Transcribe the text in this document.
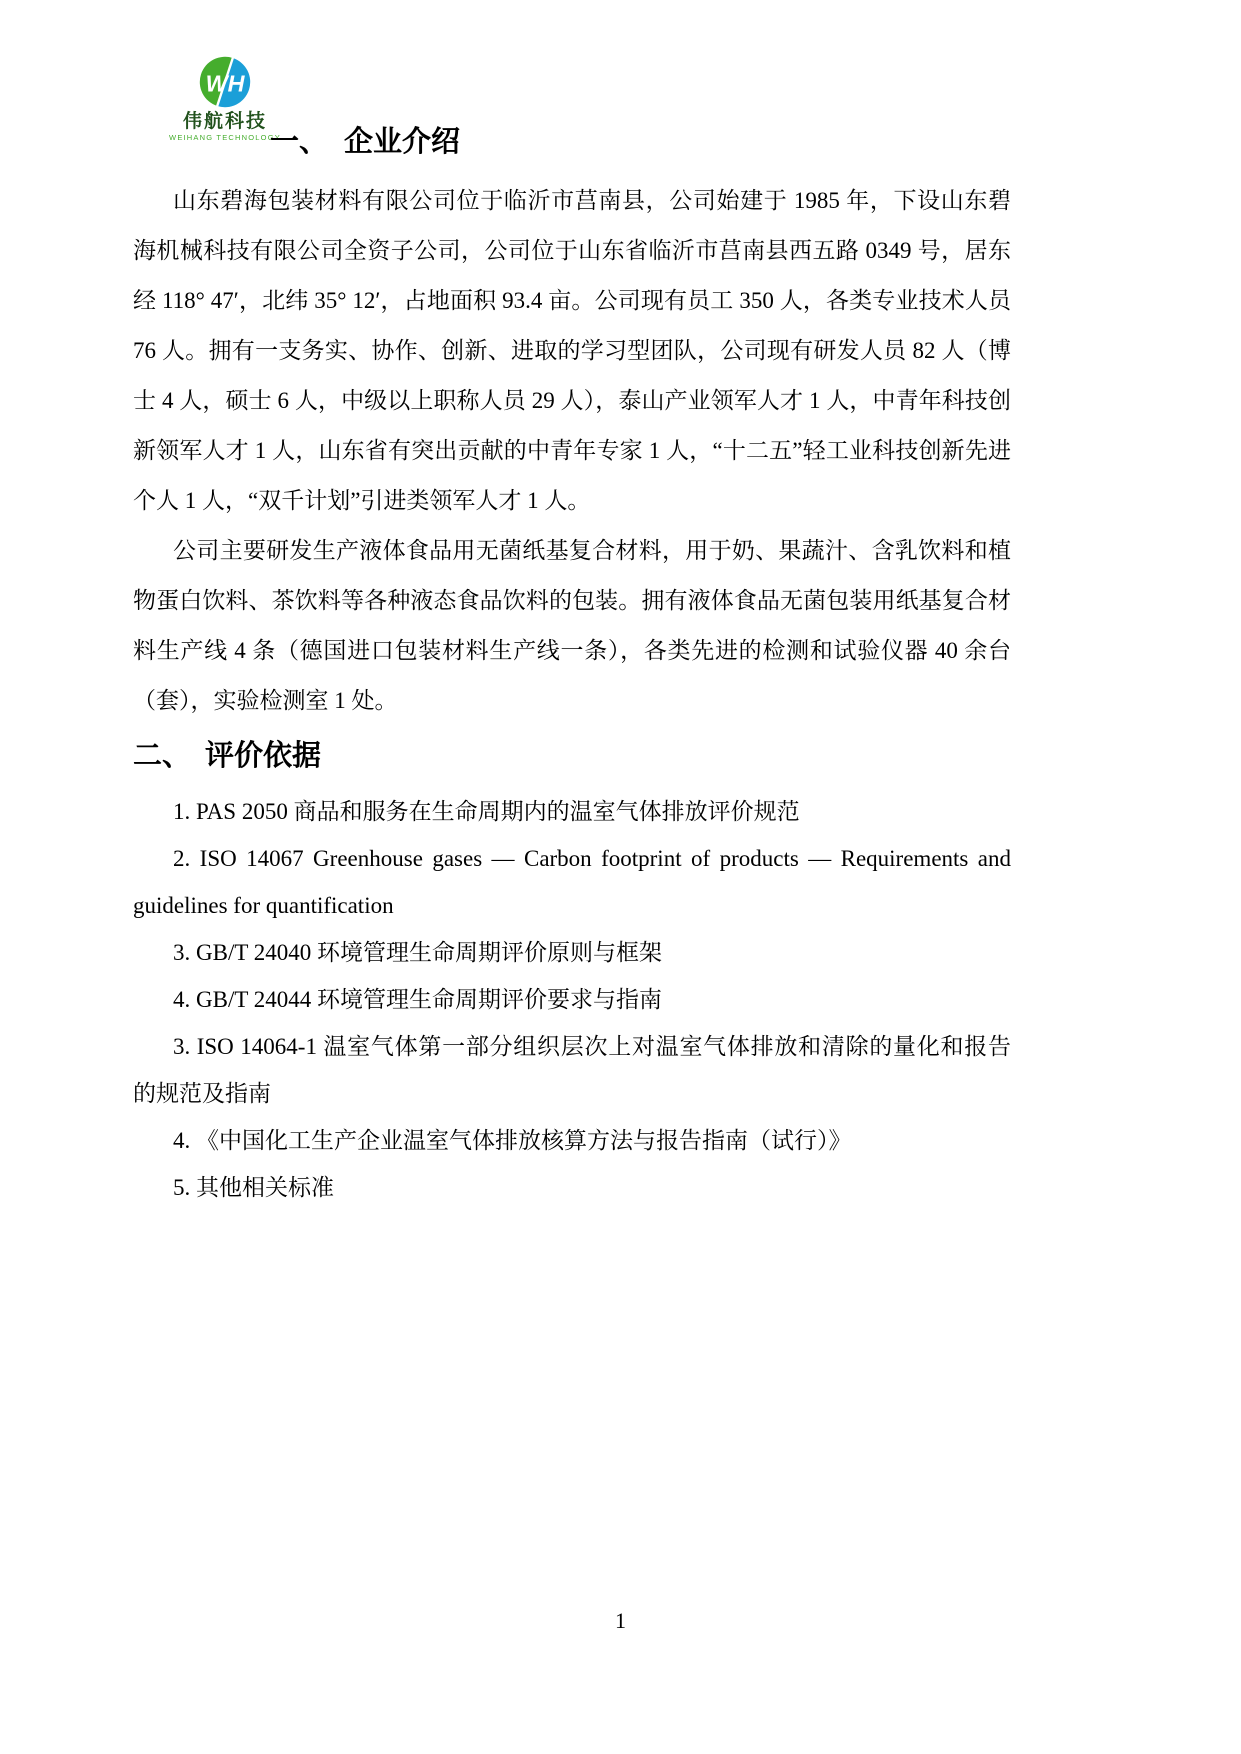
WH
伟航科技
WEIHANG TECHNOLOGY
一、 企业介绍

山东碧海包装材料有限公司位于临沂市莒南县，公司始建于 1985 年，下设山东碧海机械科技有限公司全资子公司，公司位于山东省临沂市莒南县西五路 0349 号，居东经 118° 47′，北纬 35° 12′，占地面积 93.4 亩。公司现有员工 350 人，各类专业技术人员 76 人。拥有一支务实、协作、创新、进取的学习型团队，公司现有研发人员 82 人（博士 4 人，硕士 6 人，中级以上职称人员 29 人），泰山产业领军人才 1 人，中青年科技创新领军人才 1 人，山东省有突出贡献的中青年专家 1 人，“十二五”轻工业科技创新先进个人 1 人，“双千计划”引进类领军人才 1 人。

公司主要研发生产液体食品用无菌纸基复合材料，用于奶、果蔬汁、含乳饮料和植物蛋白饮料、茶饮料等各种液态食品饮料的包装。拥有液体食品无菌包装用纸基复合材料生产线 4 条（德国进口包装材料生产线一条），各类先进的检测和试验仪器 40 余台（套），实验检测室 1 处。

二、 评价依据

1. PAS 2050 商品和服务在生命周期内的温室气体排放评价规范

2. ISO 14067 Greenhouse gases — Carbon footprint of products — Requirements and guidelines for quantification

3. GB/T 24040 环境管理生命周期评价原则与框架

4. GB/T 24044 环境管理生命周期评价要求与指南

3. ISO 14064-1 温室气体第一部分组织层次上对温室气体排放和清除的量化和报告的规范及指南

4. 《中国化工生产企业温室气体排放核算方法与报告指南（试行）》

5. 其他相关标准

1
